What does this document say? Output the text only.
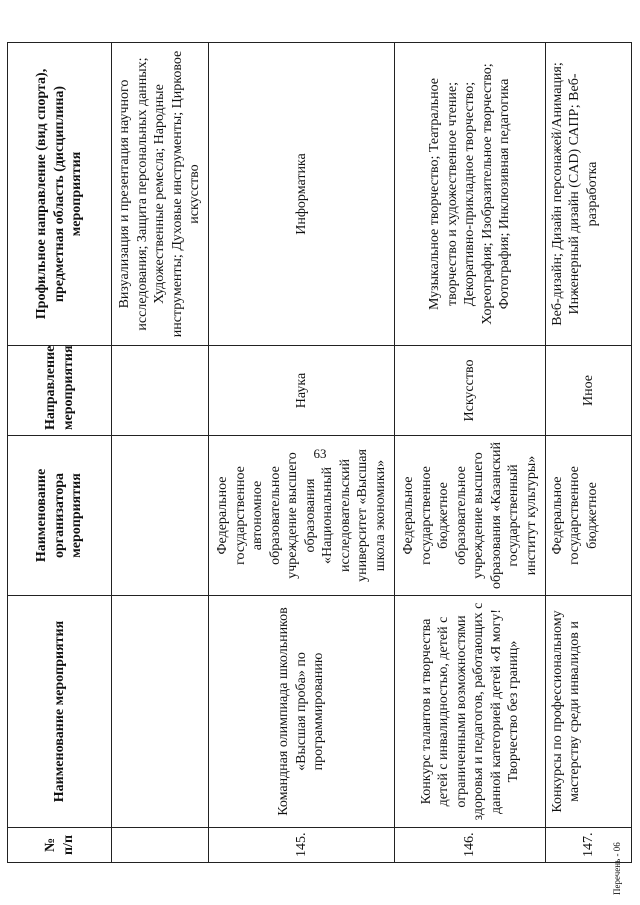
63
Перечень - 06
№ п/п	Наименование мероприятия	Наименование организатора мероприятия	Направление мероприятия	Профильное направление (вид спорта), предметная область (дисциплина) мероприятия
				Визуализация и презентация научного исследования; Защита персональных данных; Художественные ремесла; Народные инструменты; Духовые инструменты; Цирковое искусство
145.	Командная олимпиада школьников «Высшая проба» по программированию	Федеральное государственное автономное образовательное учреждение высшего образования «Национальный исследовательский университет «Высшая школа экономики»	Наука	Информатика
146.	Конкурс талантов и творчества детей с инвалидностью, детей с ограниченными возможностями здоровья и педагогов, работающих с данной категорией детей «Я могу! Творчество без границ»	Федеральное государственное бюджетное образовательное учреждение высшего образования «Казанский государственный институт культуры»	Искусство	Музыкальное творчество; Театральное творчество и художественное чтение; Декоративно-прикладное творчество; Хореография; Изобразительное творчество; Фотография; Инклюзивная педагогика
147.	Конкурсы по профессиональному мастерству среди инвалидов и	Федеральное государственное бюджетное	Иное	Веб-дизайн; Дизайн персонажей/Анимация; Инженерный дизайн (CAD) САПР; Веб-разработка
